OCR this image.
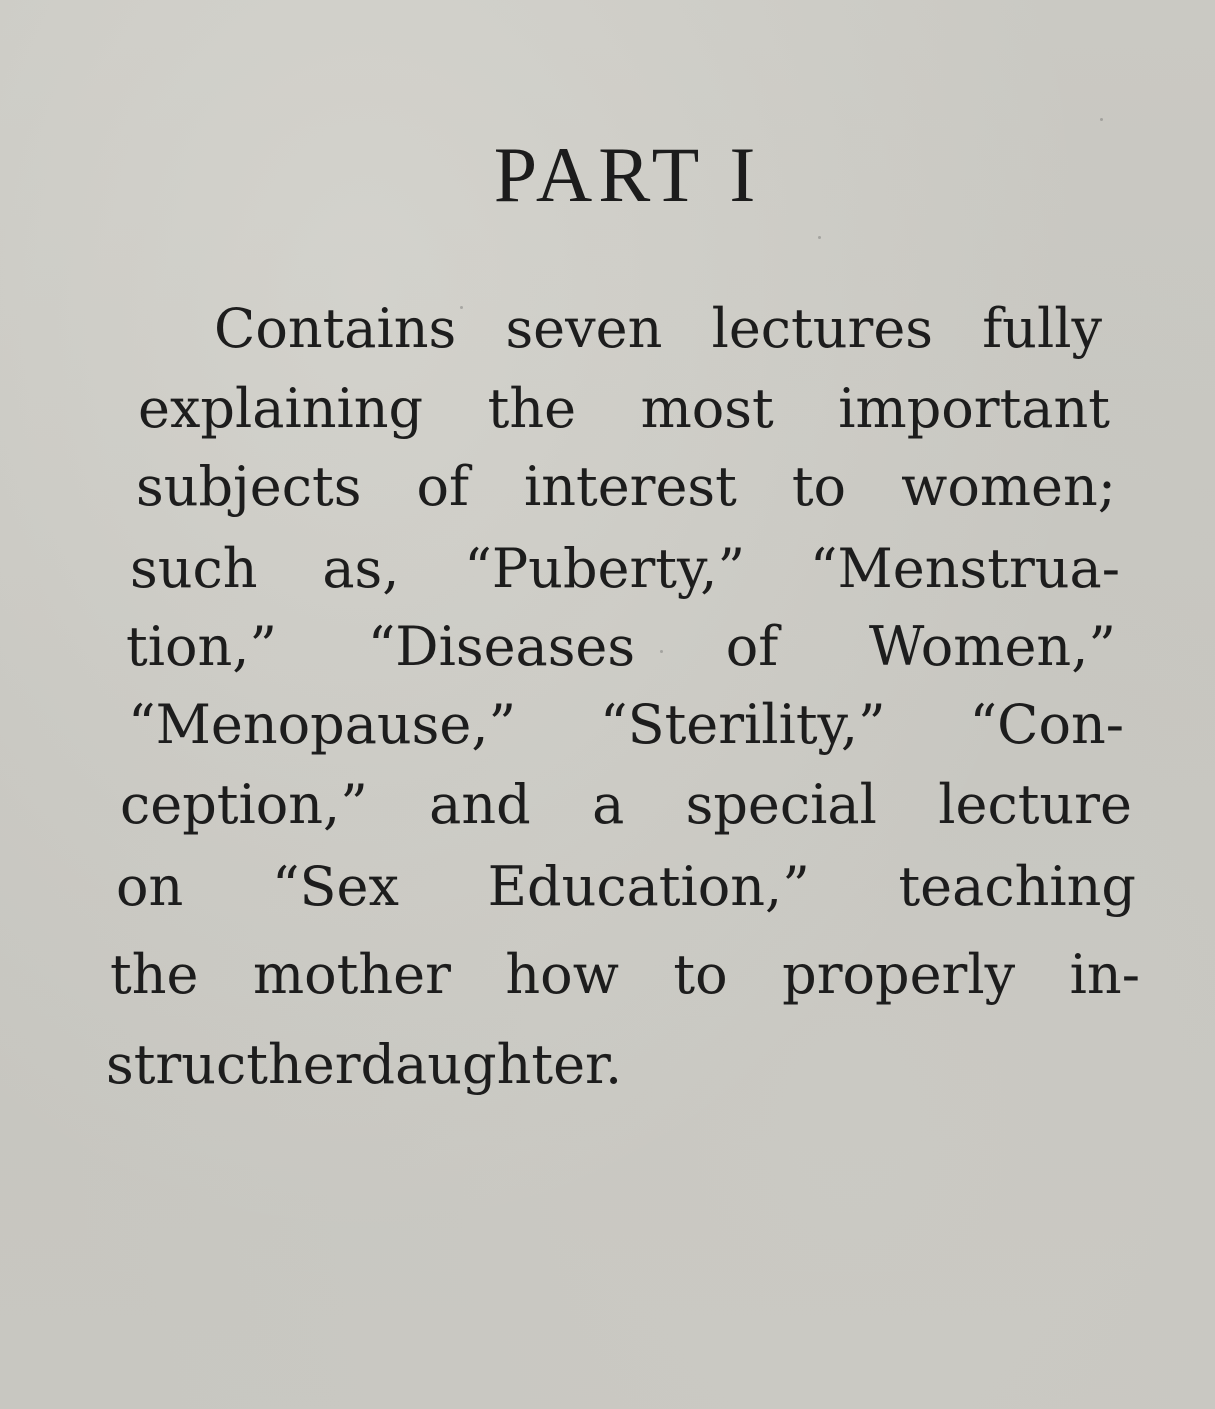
PART I
Contains seven lectures fully
explaining the most important
subjects of interest to women;
such as, “Puberty,” “Menstrua-
tion,” “Diseases of Women,”
“Menopause,” “Sterility,” “Con-
ception,” and a special lecture
on “Sex Education,” teaching
the mother how to properly in-
struct her daughter.
